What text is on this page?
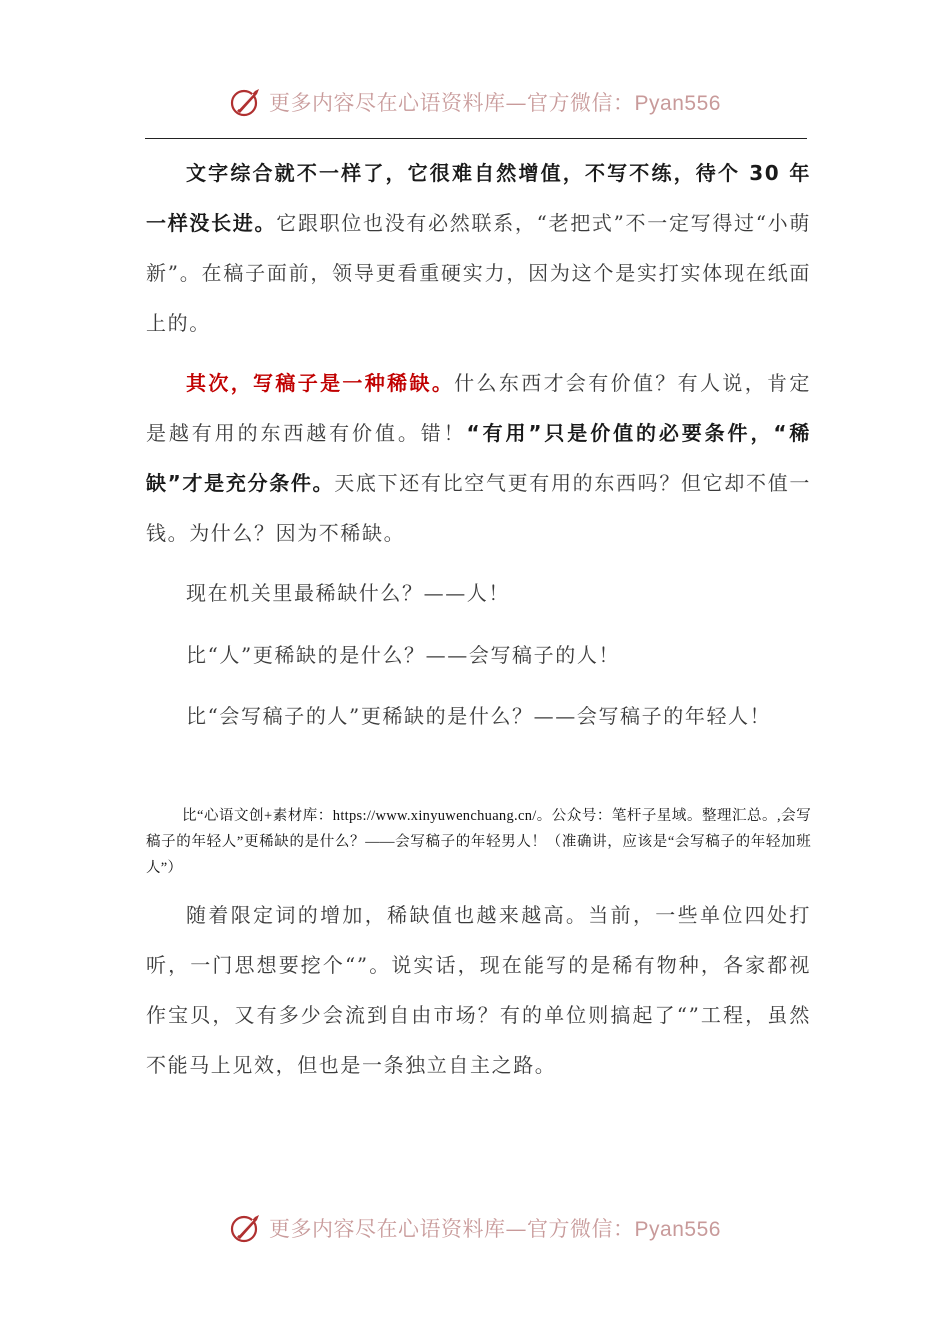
更多内容尽在心语资料库—官方微信：Pyan556

文字综合就不一样了，它很难自然增值，不写不练，待个 30 年一样没长进。它跟职位也没有必然联系，“老把式”不一定写得过“小萌新”。在稿子面前，领导更看重硬实力，因为这个是实打实体现在纸面上的。

其次，写稿子是一种稀缺。什么东西才会有价值？有人说，肯定是越有用的东西越有价值。错！“有用”只是价值的必要条件，“稀缺”才是充分条件。天底下还有比空气更有用的东西吗？但它却不值一钱。为什么？因为不稀缺。

现在机关里最稀缺什么？——人！

比“人”更稀缺的是什么？——会写稿子的人！

比“会写稿子的人”更稀缺的是什么？——会写稿子的年轻人！

比“心语文创+素材库：https://www.xinyuwenchuang.cn/。公众号：笔杆子星域。整理汇总。,会写稿子的年轻人”更稀缺的是什么？——会写稿子的年轻男人！（准确讲，应该是“会写稿子的年轻加班人”）

随着限定词的增加，稀缺值也越来越高。当前，一些单位四处打听，一门思想要挖个“”。说实话，现在能写的是稀有物种，各家都视作宝贝，又有多少会流到自由市场？有的单位则搞起了“”工程，虽然不能马上见效，但也是一条独立自主之路。

更多内容尽在心语资料库—官方微信：Pyan556
